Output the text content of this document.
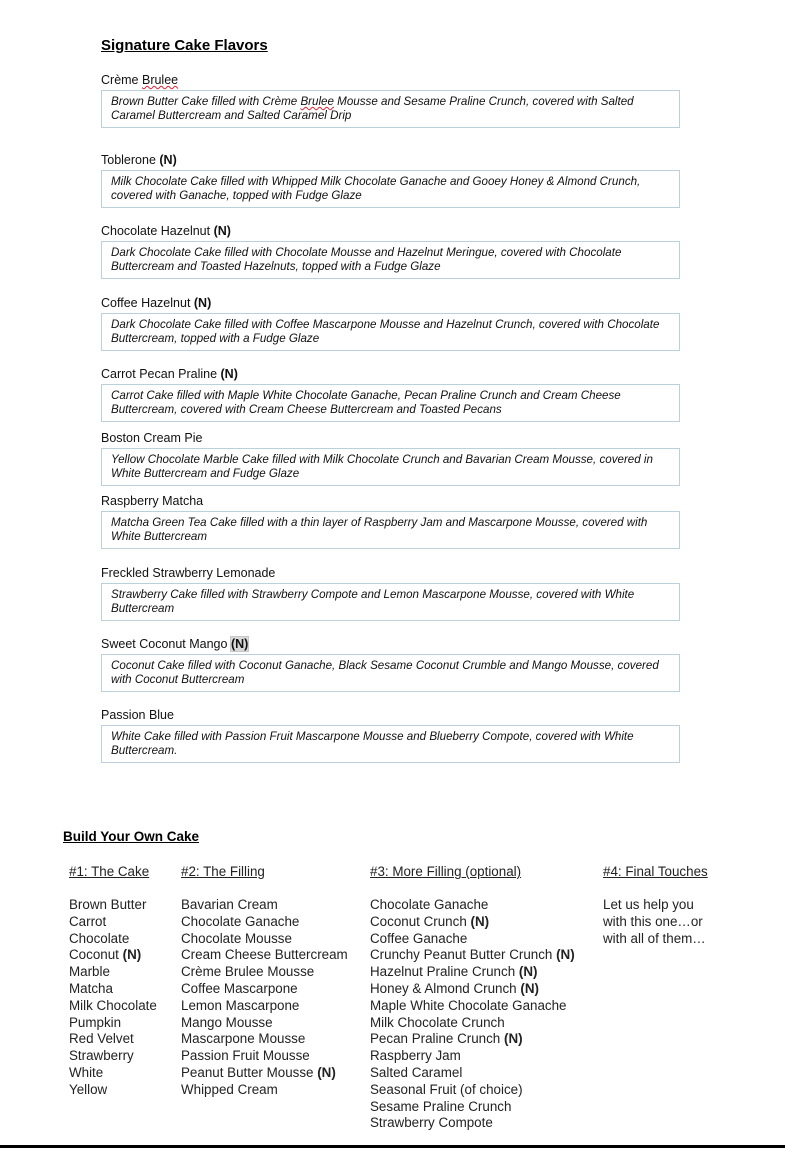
Signature Cake Flavors
Crème Brulee
Brown Butter Cake filled with Crème Brulee Mousse and Sesame Praline Crunch, covered with Salted Caramel Buttercream and Salted Caramel Drip
Toblerone (N)
Milk Chocolate Cake filled with Whipped Milk Chocolate Ganache and Gooey Honey & Almond Crunch, covered with Ganache, topped with Fudge Glaze
Chocolate Hazelnut (N)
Dark Chocolate Cake filled with Chocolate Mousse and Hazelnut Meringue, covered with Chocolate Buttercream and Toasted Hazelnuts, topped with a Fudge Glaze
Coffee Hazelnut (N)
Dark Chocolate Cake filled with Coffee Mascarpone Mousse and Hazelnut Crunch, covered with Chocolate Buttercream, topped with a Fudge Glaze
Carrot Pecan Praline (N)
Carrot Cake filled with Maple White Chocolate Ganache, Pecan Praline Crunch and Cream Cheese Buttercream, covered with Cream Cheese Buttercream and Toasted Pecans
Boston Cream Pie
Yellow Chocolate Marble Cake filled with Milk Chocolate Crunch and Bavarian Cream Mousse, covered in White Buttercream and Fudge Glaze
Raspberry Matcha
Matcha Green Tea Cake filled with a thin layer of Raspberry Jam and Mascarpone Mousse, covered with White Buttercream
Freckled Strawberry Lemonade
Strawberry Cake filled with Strawberry Compote and Lemon Mascarpone Mousse, covered with White Buttercream
Sweet Coconut Mango (N)
Coconut Cake filled with Coconut Ganache, Black Sesame Coconut Crumble and Mango Mousse, covered with Coconut Buttercream
Passion Blue
White Cake filled with Passion Fruit Mascarpone Mousse and Blueberry Compote, covered with White Buttercream.
Build Your Own Cake
#1: The Cake
Brown Butter
Carrot
Chocolate
Coconut (N)
Marble
Matcha
Milk Chocolate
Pumpkin
Red Velvet
Strawberry
White
Yellow
#2: The Filling
Bavarian Cream
Chocolate Ganache
Chocolate Mousse
Cream Cheese Buttercream
Crème Brulee Mousse
Coffee Mascarpone
Lemon Mascarpone
Mango Mousse
Mascarpone Mousse
Passion Fruit Mousse
Peanut Butter Mousse (N)
Whipped Cream
#3: More Filling (optional)
Chocolate Ganache
Coconut Crunch (N)
Coffee Ganache
Crunchy Peanut Butter Crunch (N)
Hazelnut Praline Crunch (N)
Honey & Almond Crunch (N)
Maple White Chocolate Ganache
Milk Chocolate Crunch
Pecan Praline Crunch (N)
Raspberry Jam
Salted Caramel
Seasonal Fruit (of choice)
Sesame Praline Crunch
Strawberry Compote
#4: Final Touches
Let us help you
with this one…or
with all of them…
